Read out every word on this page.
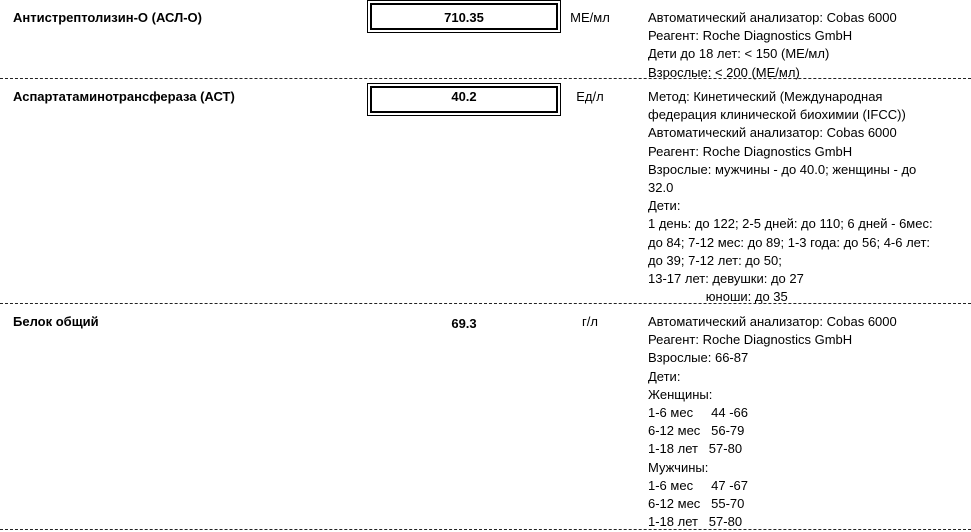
Антистрептолизин-О (АСЛ-О)	710.35	МЕ/мл	Автоматический анализатор: Cobas 6000
Реагент: Roche Diagnostics GmbH
Дети до 18 лет: < 150 (МЕ/мл)
Взрослые: < 200 (МЕ/мл)
Аспартатаминотрансфераза (АСТ)	40.2	Ед/л	Метод: Кинетический (Международная
федерация клинической биохимии (IFCC))
Автоматический анализатор: Cobas 6000
Реагент: Roche Diagnostics GmbH
Взрослые: мужчины - до 40.0; женщины - до
32.0
Дети:
1 день: до 122; 2-5 дней: до 110; 6 дней - 6мес:
до 84; 7-12 мес: до 89; 1-3 года: до 56; 4-6 лет:
до 39; 7-12 лет: до 50;
13-17 лет: девушки: до 27
юноши: до 35
Белок общий	69.3	г/л	Автоматический анализатор: Cobas 6000
Реагент: Roche Diagnostics GmbH
Взрослые: 66-87
Дети:
Женщины:
1-6 мес     44 -66
6-12 мес   56-79
1-18 лет   57-80
Мужчины:
1-6 мес     47 -67
6-12 мес   55-70
1-18 лет   57-80
